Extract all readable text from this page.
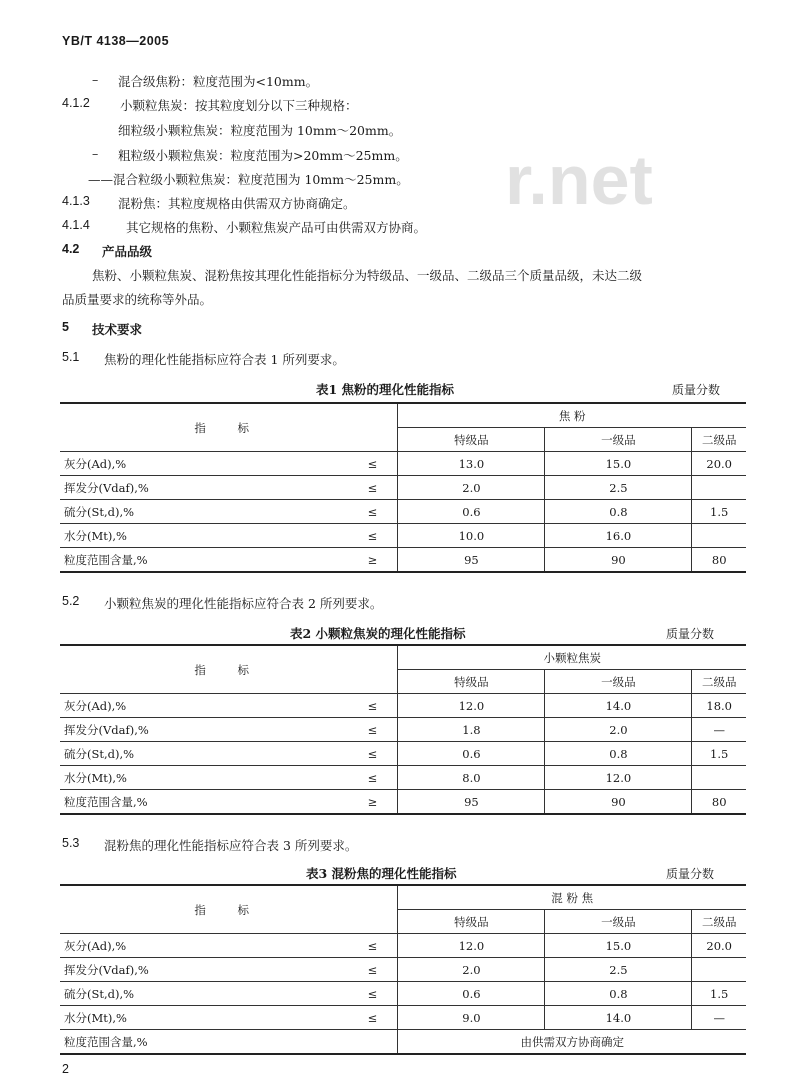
YB/T 4138—2005
r.net
– 混合级焦粉：粒度范围为<10mm。
4.1.2 小颗粒焦炭：按其粒度划分以下三种规格：
细粒级小颗粒焦炭：粒度范围为 10mm～20mm。
– 粗粒级小颗粒焦炭：粒度范围为>20mm～25mm。
——混合粒级小颗粒焦炭：粒度范围为 10mm～25mm。
4.1.3 混粉焦：其粒度规格由供需双方协商确定。
4.1.4	其它规格的焦粉、小颗粒焦炭产品可由供需双方协商。
4.2 产品品级
焦粉、小颗粒焦炭、混粉焦按其理化性能指标分为特级品、一级品、二级品三个质量品级，未达二级
品质量要求的统称等外品。
5 技术要求
5.1 焦粉的理化性能指标应符合表 1 所列要求。
表1 焦粉的理化性能指标	质量分数
指 标		焦 粉		
		特级品	一级品	二级品
灰分(Ad),%	≤	13.0	15.0	20.0
挥发分(Vdaf),%	≤	2.0	2.5	
硫分(St,d),%	≤	0.6	0.8	1.5
水分(Mt),%	≤	10.0	16.0	
粒度范围含量,%	≥	95	90	80
5.2 小颗粒焦炭的理化性能指标应符合表 2 所列要求。
表2 小颗粒焦炭的理化性能指标	质量分数
指 标		小颗粒焦炭		
		特级品	一级品	二级品
灰分(Ad),%	≤	12.0	14.0	18.0
挥发分(Vdaf),%	≤	1.8	2.0	—
硫分(St,d),%	≤	0.6	0.8	1.5
水分(Mt),%	≤	8.0	12.0	
粒度范围含量,%	≥	95	90	80
5.3 混粉焦的理化性能指标应符合表 3 所列要求。
表3 混粉焦的理化性能指标	质量分数
指 标		混 粉 焦		
		特级品	一级品	二级品
灰分(Ad),%	≤	12.0	15.0	20.0
挥发分(Vdaf),%	≤	2.0	2.5	
硫分(St,d),%	≤	0.6	0.8	1.5
水分(Mt),%	≤	9.0	14.0	—
粒度范围含量,%		由供需双方协商确定		
2
